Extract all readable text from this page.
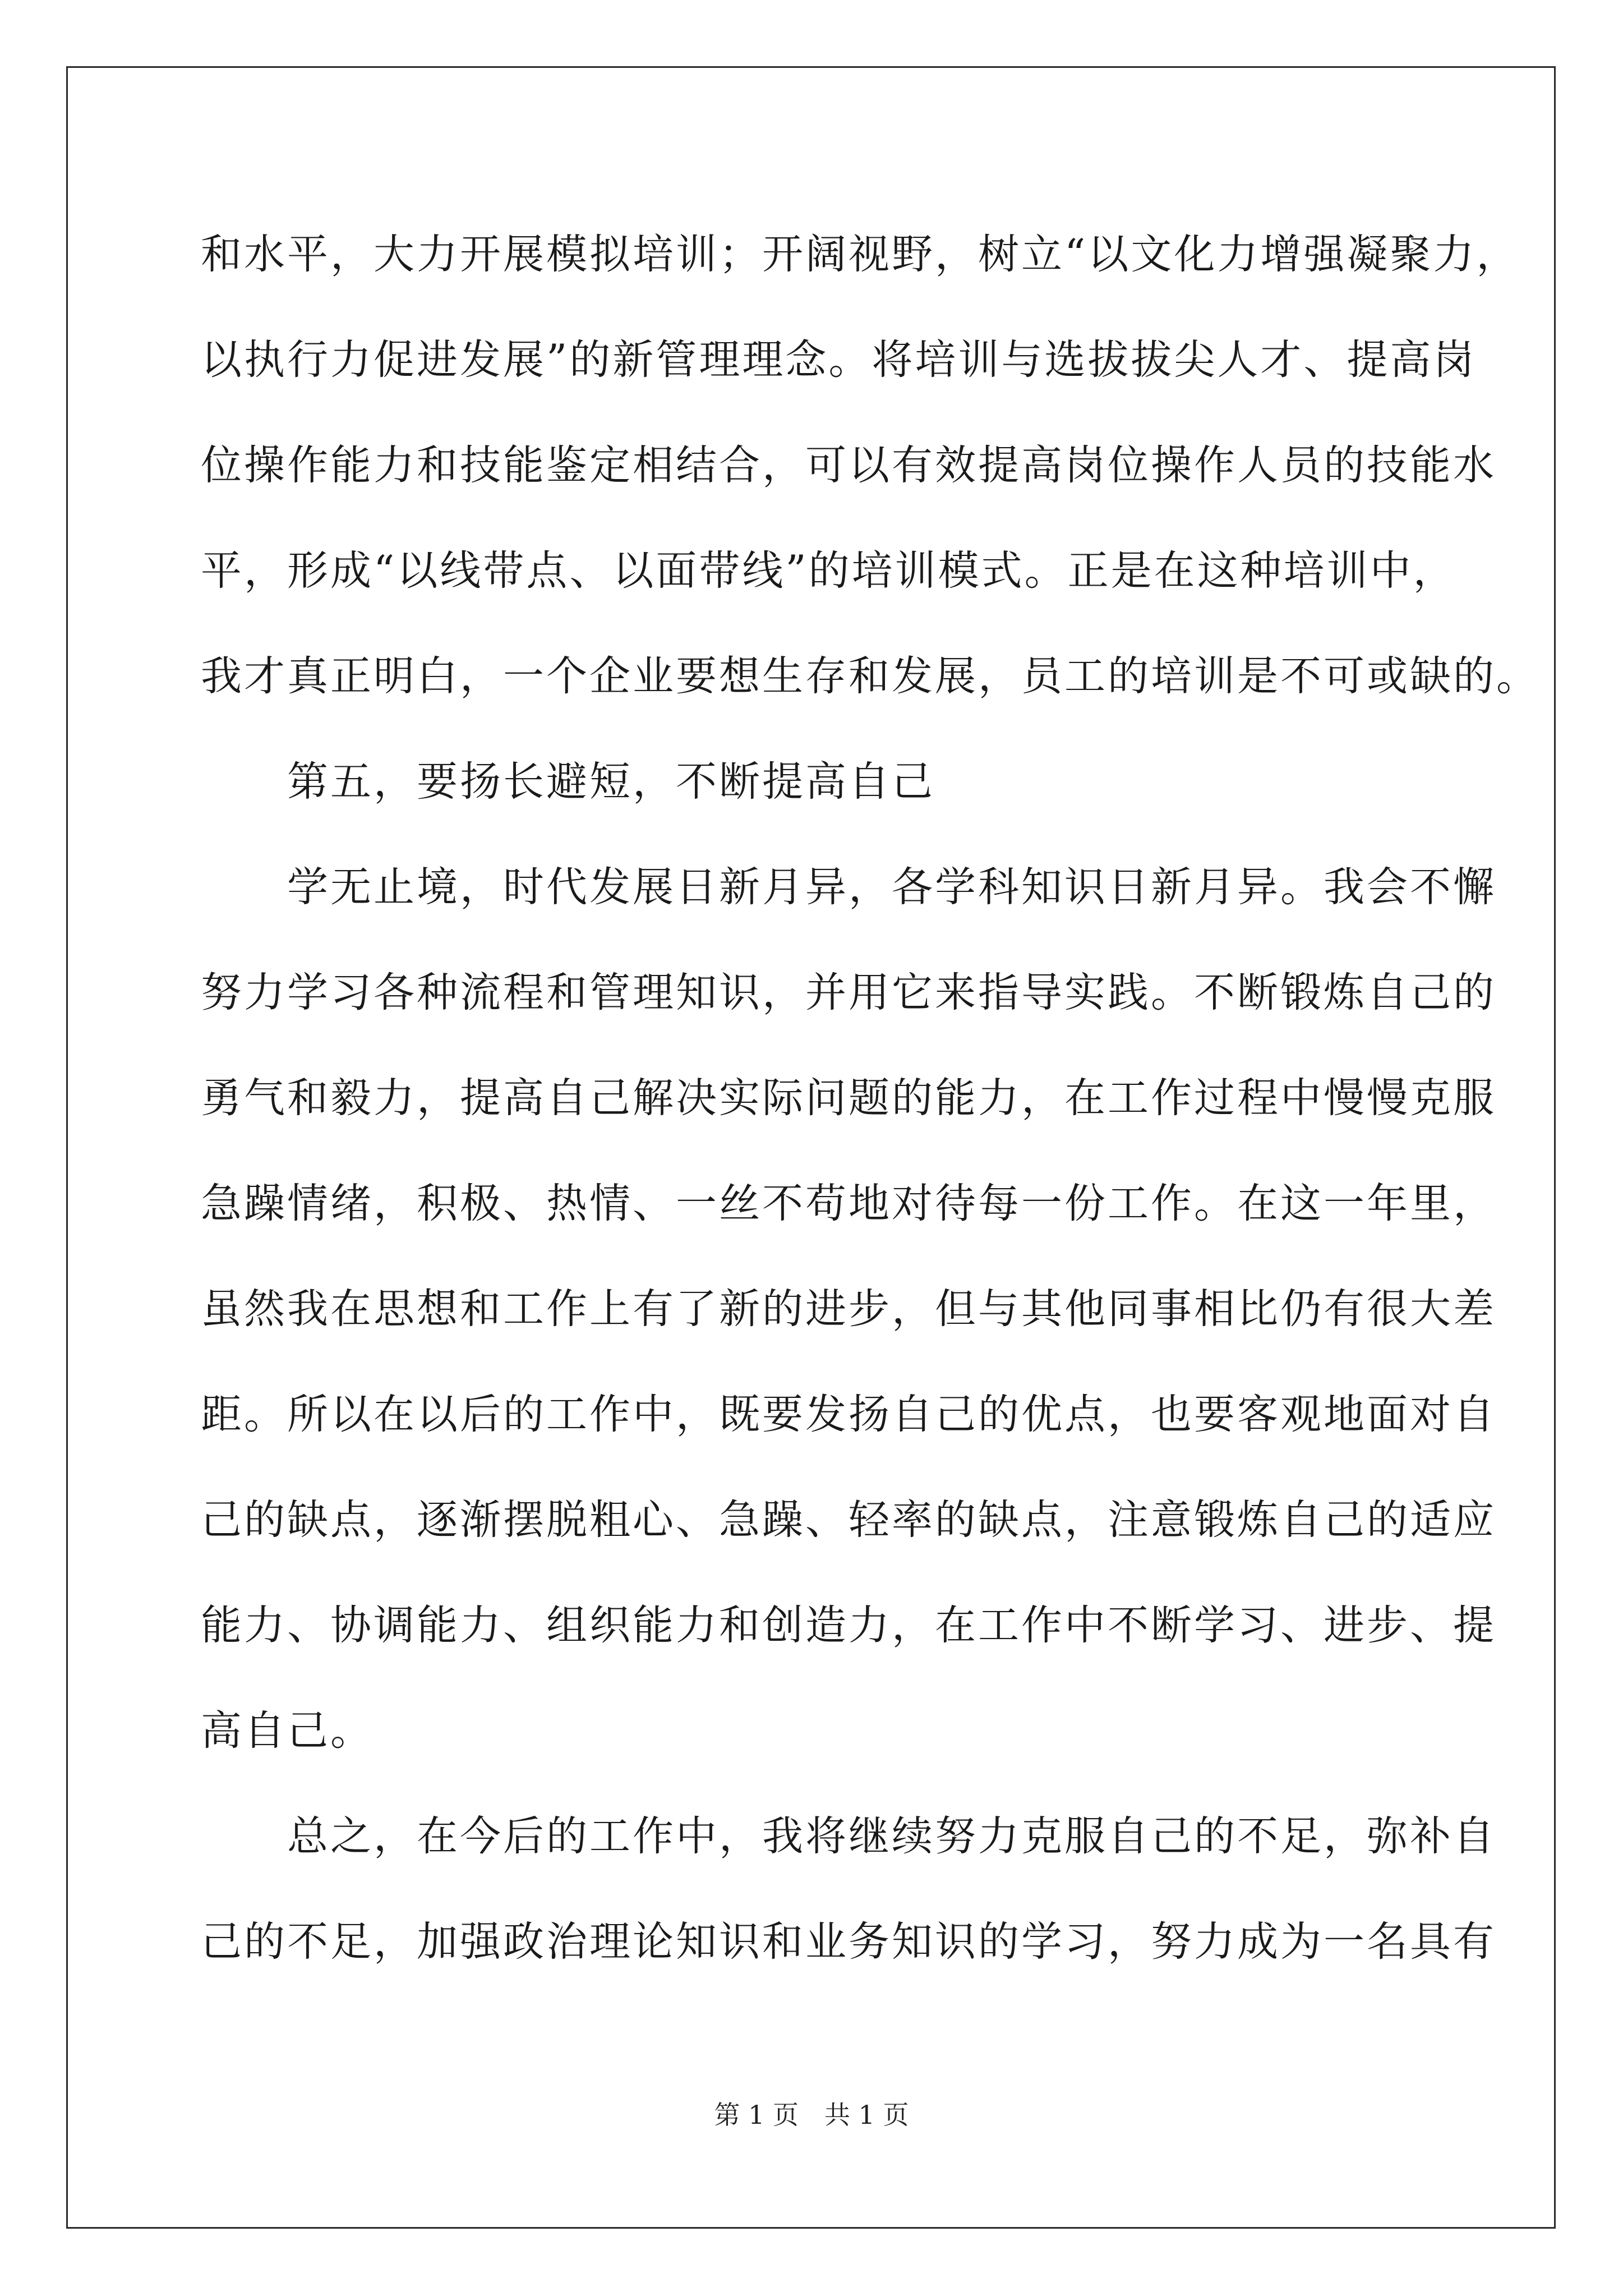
和水平，大力开展模拟培训；开阔视野，树立“以文化力增强凝聚力，

以执行力促进发展”的新管理理念。将培训与选拔拔尖人才、提高岗

位操作能力和技能鉴定相结合，可以有效提高岗位操作人员的技能水

平，形成“以线带点、以面带线”的培训模式。正是在这种培训中，

我才真正明白，一个企业要想生存和发展，员工的培训是不可或缺的。

　　第五，要扬长避短，不断提高自己

　　学无止境，时代发展日新月异，各学科知识日新月异。我会不懈

努力学习各种流程和管理知识，并用它来指导实践。不断锻炼自己的

勇气和毅力，提高自己解决实际问题的能力，在工作过程中慢慢克服

急躁情绪，积极、热情、一丝不苟地对待每一份工作。在这一年里，

虽然我在思想和工作上有了新的进步，但与其他同事相比仍有很大差

距。所以在以后的工作中，既要发扬自己的优点，也要客观地面对自

己的缺点，逐渐摆脱粗心、急躁、轻率的缺点，注意锻炼自己的适应

能力、协调能力、组织能力和创造力，在工作中不断学习、进步、提

高自己。

　　总之，在今后的工作中，我将继续努力克服自己的不足，弥补自

己的不足，加强政治理论知识和业务知识的学习，努力成为一名具有

第 1 页　共 1 页
